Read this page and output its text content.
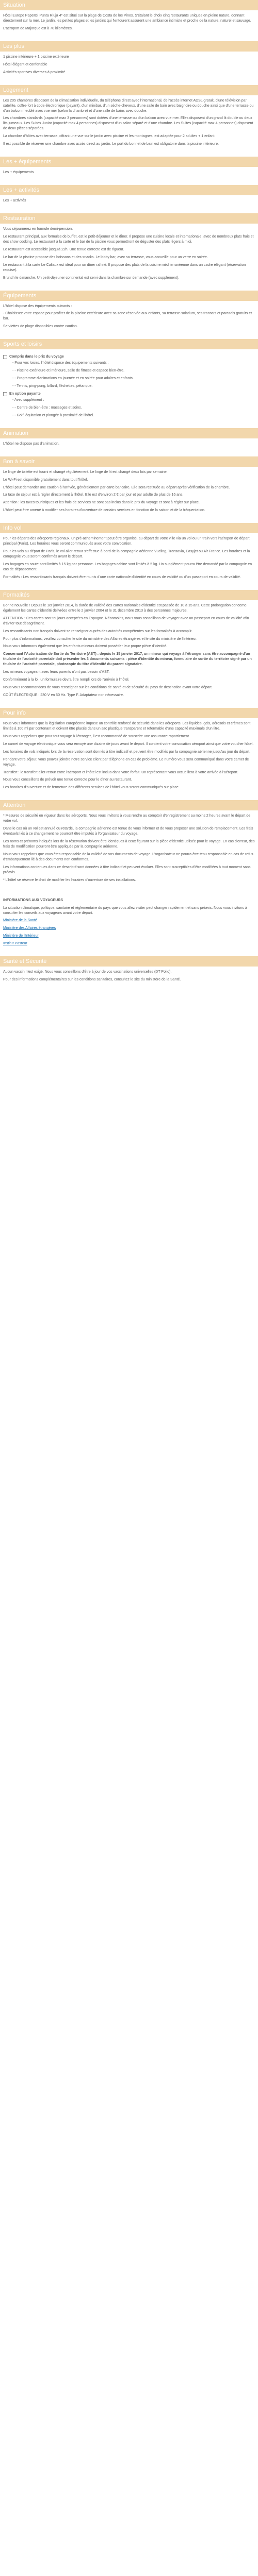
Situation

Hôtel Europe Papeïtel Punta Riuja 4* est situé sur la plage de Costa de los Pinos. S'étalant le choix cinq restaurants uniques en pleine nature, donnant directement sur la mer. Le jardin, les petites plages et les jardins qui l'entourent assurent une ambiance intimiste et proche de la nature, naturel et sauvage.

L'aéroport de Majorque est à 70 kilomètres.

Les plus

1 piscine intérieure + 1 piscine extérieure

Hôtel élégant et confortable

Activités sportives diverses à proximité

Logement

Les 205 chambres disposent de la climatisation individuelle, du téléphone direct avec l'international, de l'accès internet ADSL gratuit, d'une télévision par satellite, coffre-fort à code électronique (payant), d'un minibar, d'un sèche-cheveux, d'une salle de bain avec baignoire ou douche ainsi que d'une terrasse ou d'un balcon meublé avec vue mer (selon la chambre) et d'une salle de bains avec douche.

Les chambres standards (capacité max 3 personnes) sont dotées d'une terrasse ou d'un balcon avec vue mer. Elles disposent d'un grand lit double ou deux lits jumeaux. Les Suites Junior (capacité max 4 personnes) disposent d'un salon séparé et d'une chambre. Les Suites (capacité max 4 personnes) disposent de deux pièces séparées.

La chambre d'hôtes avec terrasse, offrant une vue sur le jardin avec piscine et les montagnes, est adaptée pour 2 adultes + 1 enfant.

Il est possible de réserver une chambre avec accès direct au jardin. Le port du bonnet de bain est obligatoire dans la piscine intérieure.

Les + équipements

Les + équipements

Les + activités

Les + activités

Restauration

Vous séjournerez en formule demi-pension.

Le restaurant principal, aux formules de buffet, est le petit-déjeuner et le dîner. Il propose une cuisine locale et internationale, avec de nombreux plats frais et des show cooking. Le restaurant à la carte et le bar de la piscine vous permettront de déguster des plats légers à midi.

Le restaurant est accessible jusqu'à 22h. Une tenue correcte est de rigueur.

Le bar de la piscine propose des boissons et des snacks. Le lobby bar, avec sa terrasse, vous accueille pour un verre en soirée.

Le restaurant à la carte Le Caliaux est idéal pour un dîner raffiné. Il propose des plats de la cuisine méditerranéenne dans un cadre élégant (réservation requise).

Brunch le dimanche. Un petit-déjeuner continental est servi dans la chambre sur demande (avec supplément).

Équipements

L'hôtel dispose des équipements suivants :

- Choisissez votre espace pour profiter de la piscine extérieure avec sa zone réservée aux enfants, sa terrasse-solarium, ses transats et parasols gratuits et bar.

Serviettes de plage disponibles contre caution.

Sports et loisirs
Compris dans le prix du voyage
- Pour vos loisirs, l'hôtel dispose des équipements suivants :
- - Piscine extérieure et intérieure, salle de fitness et espace bien-être.
- - Programme d'animations en journée et en soirée pour adultes et enfants.
- - Tennis, ping-pong, billard, fléchettes, pétanque.
En option payante
- Avec supplément :
- - Centre de bien-être : massages et soins.
- - Golf, équitation et plongée à proximité de l'hôtel.
Animation

L'hôtel ne dispose pas d'animation.

Bon à savoir

Le linge de toilette est fourni et changé régulièrement. Le linge de lit est changé deux fois par semaine.

Le Wi-Fi est disponible gratuitement dans tout l'hôtel.

L'hôtel peut demander une caution à l'arrivée, généralement par carte bancaire. Elle sera restituée au départ après vérification de la chambre.

La taxe de séjour est à régler directement à l'hôtel. Elle est d'environ 2 € par jour et par adulte de plus de 16 ans.

Attention : les taxes touristiques et les frais de services ne sont pas inclus dans le prix du voyage et sont à régler sur place.

L'hôtel peut être amené à modifier ses horaires d'ouverture de certains services en fonction de la saison et de la fréquentation.

Info vol

Pour les départs des aéroports régionaux, un pré-acheminement peut être organisé, au départ de votre ville via un vol ou un train vers l'aéroport de départ principal (Paris). Les horaires vous seront communiqués avec votre convocation.

Pour les vols au départ de Paris, le vol aller-retour s'effectue à bord de la compagnie aérienne Vueling, Transavia, Easyjet ou Air France. Les horaires et la compagnie vous seront confirmés avant le départ.

Les bagages en soute sont limités à 15 kg par personne. Les bagages cabine sont limités à 5 kg. Un supplément pourra être demandé par la compagnie en cas de dépassement.

Formalités : Les ressortissants français doivent être munis d'une carte nationale d'identité en cours de validité ou d'un passeport en cours de validité.

Formalités

Bonne nouvelle ! Depuis le 1er janvier 2014, la durée de validité des cartes nationales d'identité est passée de 10 à 15 ans. Cette prolongation concerne également les cartes d'identité délivrées entre le 2 janvier 2004 et le 31 décembre 2013 à des personnes majeures.

ATTENTION : Ces cartes sont toujours acceptées en Espagne. Néanmoins, nous vous conseillons de voyager avec un passeport en cours de validité afin d'éviter tout désagrément.

Les ressortissants non français doivent se renseigner auprès des autorités compétentes sur les formalités à accomplir.

Pour plus d'informations, veuillez consulter le site du ministère des Affaires étrangères et le site du ministère de l'Intérieur.

Nous vous informons également que les enfants mineurs doivent posséder leur propre pièce d'identité.

Concernant l'Autorisation de Sortie du Territoire (AST) : depuis le 15 janvier 2017, un mineur qui voyage à l'étranger sans être accompagné d'un titulaire de l'autorité parentale doit présenter les 3 documents suivants : pièce d'identité du mineur, formulaire de sortie du territoire signé par un titulaire de l'autorité parentale, photocopie du titre d'identité du parent signataire.

Les mineurs voyageant avec leurs parents n'ont pas besoin d'AST.

Conformément à la loi, un formulaire devra être rempli lors de l'arrivée à l'hôtel.

Nous vous recommandons de vous renseigner sur les conditions de santé et de sécurité du pays de destination avant votre départ.

COÛT ÉLECTRIQUE : 230 V en 50 Hz. Type F. Adaptateur non nécessaire.

Pour info

Nous vous informons que la législation européenne impose un contrôle renforcé de sécurité dans les aéroports. Les liquides, gels, aérosols et crèmes sont limités à 100 ml par contenant et doivent être placés dans un sac plastique transparent et refermable d'une capacité maximale d'un litre.

Nous vous rappelons que pour tout voyage à l'étranger, il est recommandé de souscrire une assurance rapatriement.

Le carnet de voyage électronique vous sera envoyé une dizaine de jours avant le départ. Il contient votre convocation aéroport ainsi que votre voucher hôtel.

Les horaires de vols indiqués lors de la réservation sont donnés à titre indicatif et peuvent être modifiés par la compagnie aérienne jusqu'au jour du départ.

Pendant votre séjour, vous pouvez joindre notre service client par téléphone en cas de problème. Le numéro vous sera communiqué dans votre carnet de voyage.

Transfert : le transfert aller-retour entre l'aéroport et l'hôtel est inclus dans votre forfait. Un représentant vous accueillera à votre arrivée à l'aéroport.

Nous vous conseillons de prévoir une tenue correcte pour le dîner au restaurant.

Les horaires d'ouverture et de fermeture des différents services de l'hôtel vous seront communiqués sur place.

Attention

* Mesures de sécurité en vigueur dans les aéroports. Nous vous invitons à vous rendre au comptoir d'enregistrement au moins 2 heures avant le départ de votre vol.

Dans le cas où un vol est annulé ou retardé, la compagnie aérienne est tenue de vous informer et de vous proposer une solution de remplacement. Les frais éventuels liés à ce changement ne pourront être imputés à l'organisateur du voyage.

Les noms et prénoms indiqués lors de la réservation doivent être identiques à ceux figurant sur la pièce d'identité utilisée pour le voyage. En cas d'erreur, des frais de modification pourront être appliqués par la compagnie aérienne.

Nous vous rappelons que vous êtes responsable de la validité de vos documents de voyage. L'organisateur ne pourra être tenu responsable en cas de refus d'embarquement lié à des documents non conformes.

Les informations contenues dans ce descriptif sont données à titre indicatif et peuvent évoluer. Elles sont susceptibles d'être modifiées à tout moment sans préavis.

* L'hôtel se réserve le droit de modifier les horaires d'ouverture de ses installations.

INFORMATIONS AUX VOYAGEURS

La situation climatique, politique, sanitaire et réglementaire du pays que vous allez visiter peut changer rapidement et sans préavis. Nous vous invitons à consulter les conseils aux voyageurs avant votre départ.

Ministère de la Santé

Ministère des Affaires étrangères

Ministère de l'Intérieur

Institut Pasteur

Santé et Sécurité

Aucun vaccin n'est exigé. Nous vous conseillons d'être à jour de vos vaccinations universelles (DT Polio).

Pour des informations complémentaires sur les conditions sanitaires, consultez le site du ministère de la Santé.
